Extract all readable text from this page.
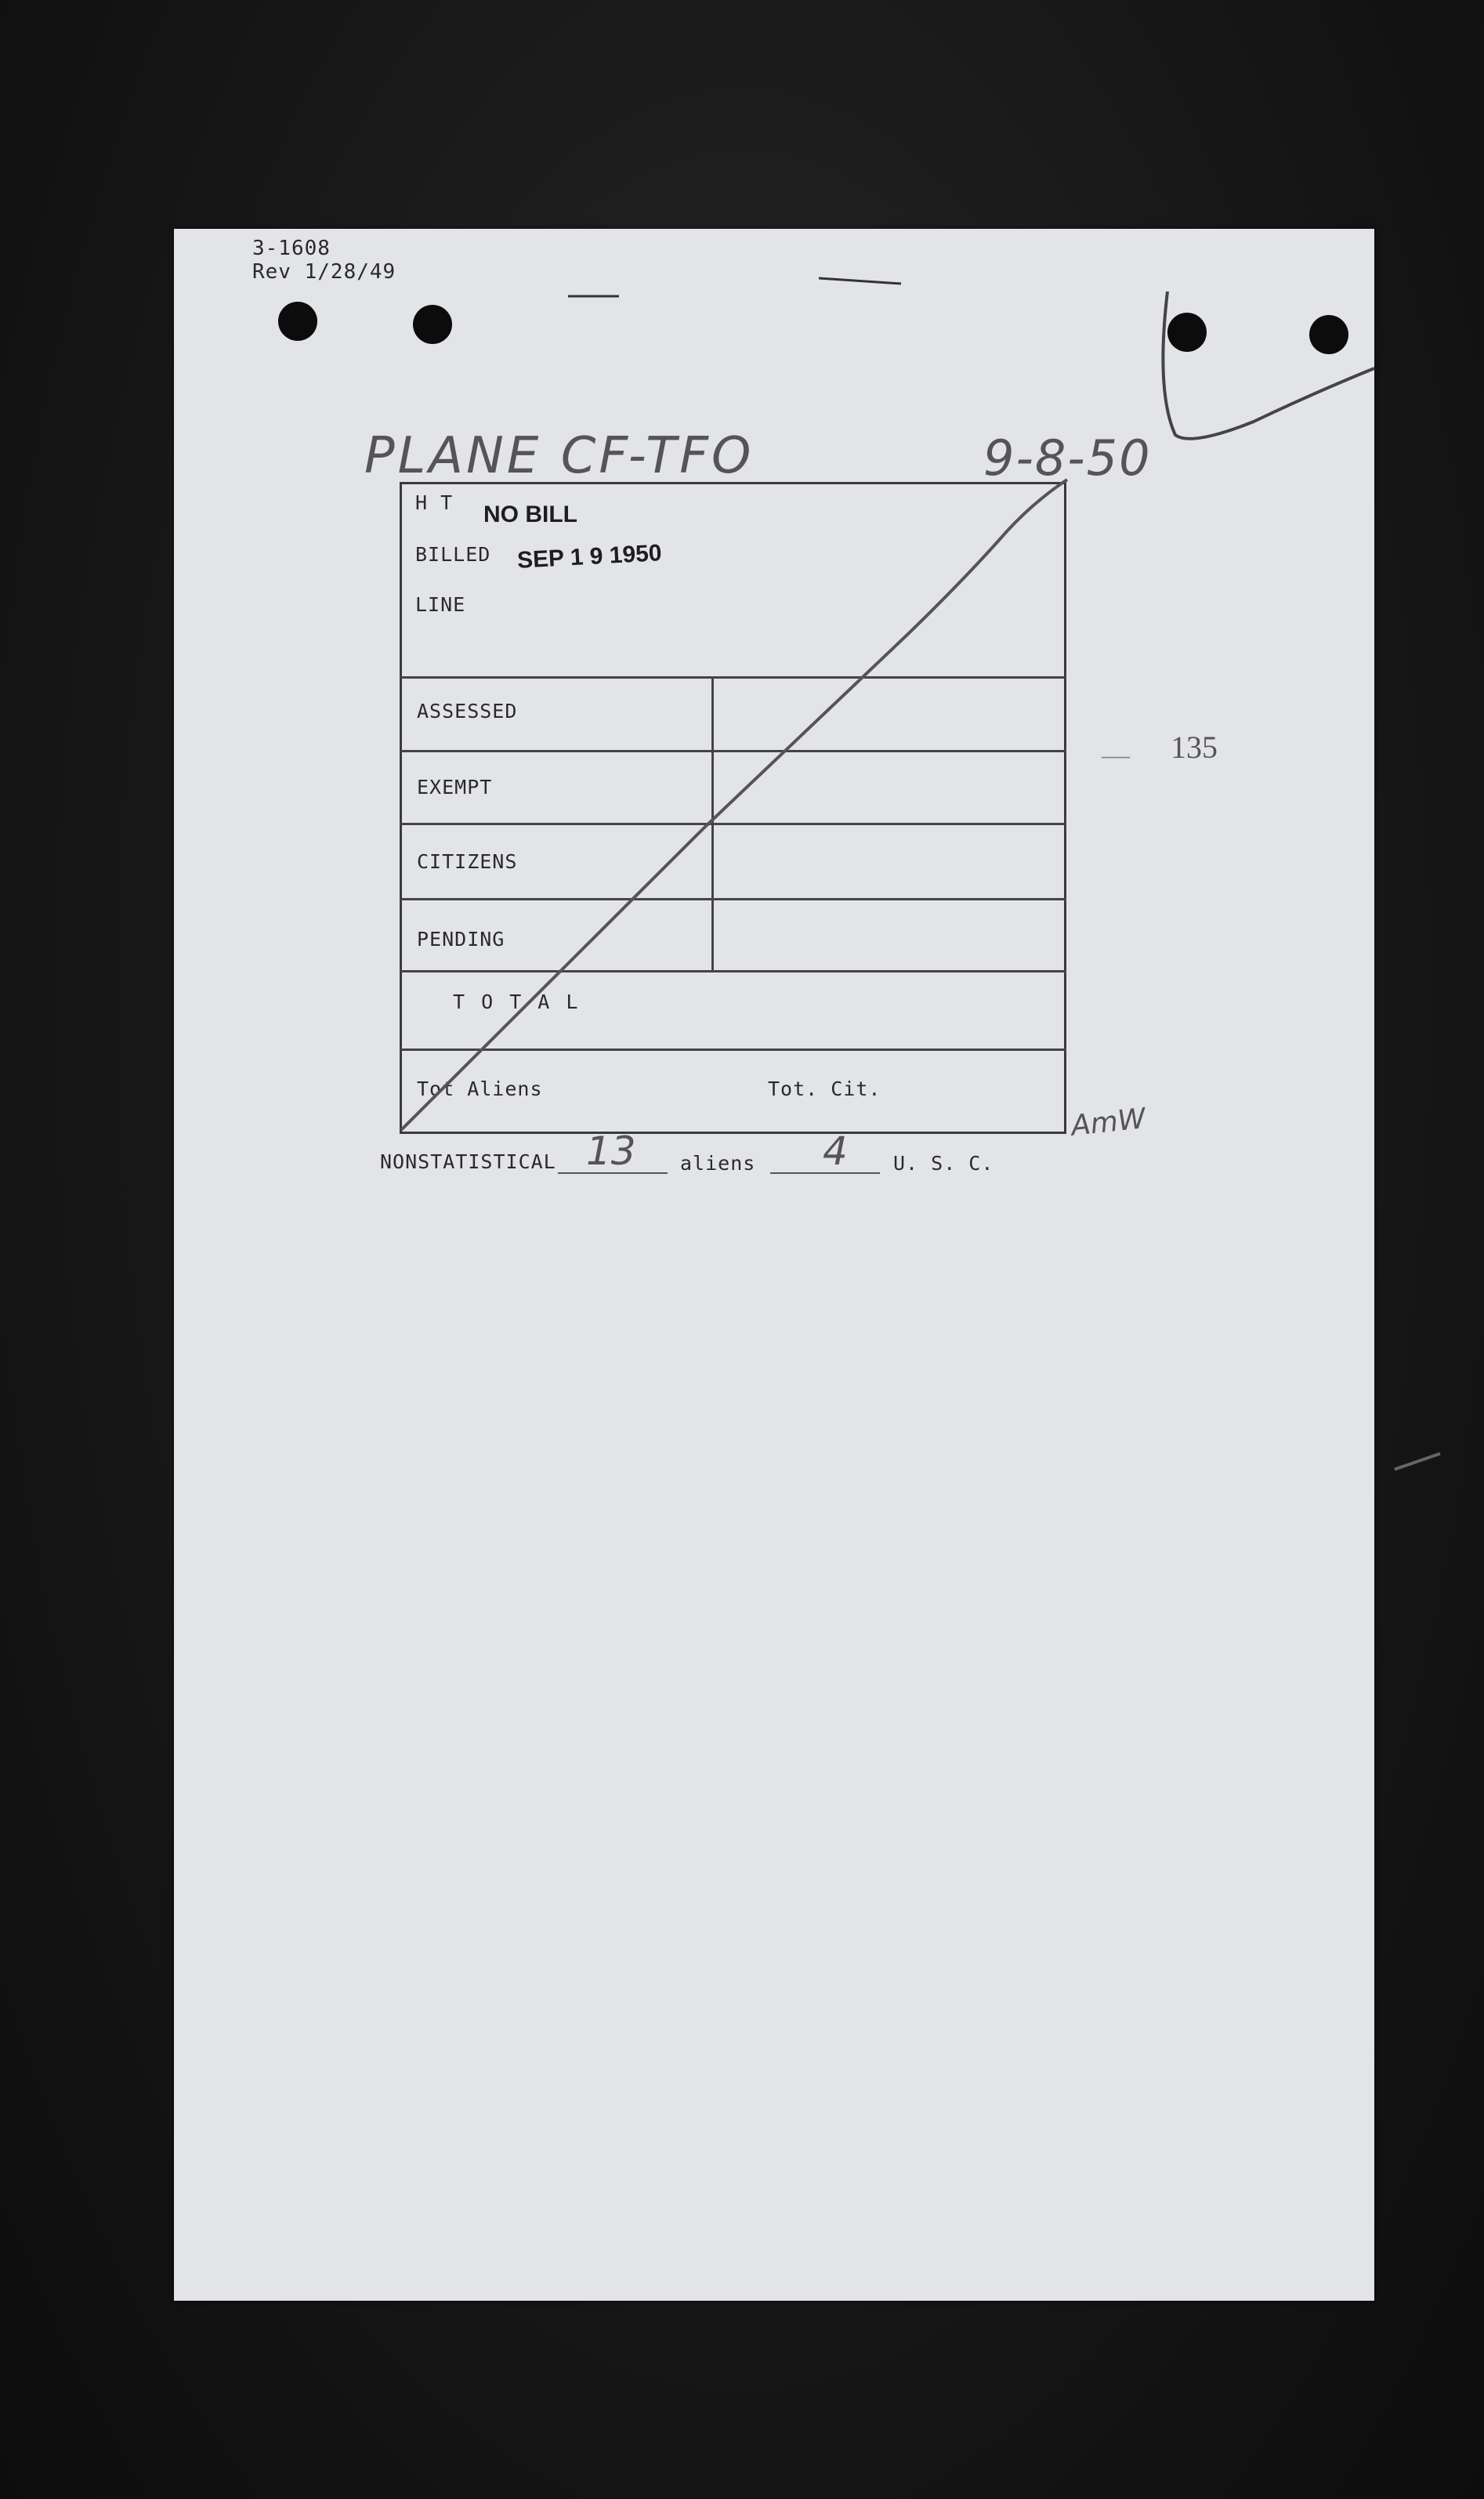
3-1608
Rev 1/28/49
PLANE CF-TFO	9-8-50
H T
BILLED
LINE
NO BILL
SEP 1 9 1950
ASSESSED
EXEMPT
CITIZENS
PENDING
T O T A L
Tot Aliens	Tot. Cit.
__ 135
AmW
NONSTATISTICAL 13 aliens 4 U. S. C.
